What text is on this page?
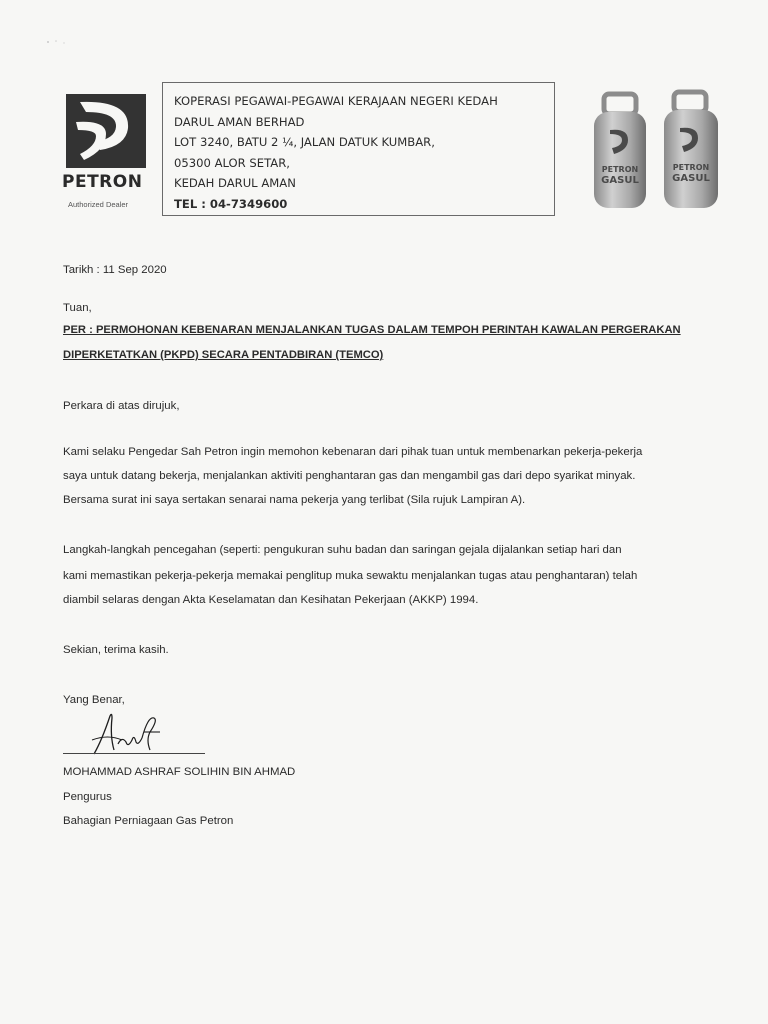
PETRON
Authorized Dealer
KOPERASI PEGAWAI-PEGAWAI KERAJAAN NEGERI KEDAH
DARUL AMAN BERHAD
LOT 3240, BATU 2 ¼, JALAN DATUK KUMBAR,
05300 ALOR SETAR,
KEDAH DARUL AMAN
TEL : 04-7349600
PETRON
GASUL
PETRON
GASUL
Tarikh : 11 Sep 2020
Tuan,
PER : PERMOHONAN KEBENARAN MENJALANKAN TUGAS DALAM TEMPOH PERINTAH KAWALAN PERGERAKAN
DIPERKETATKAN (PKPD) SECARA PENTADBIRAN (TEMCO)
Perkara di atas dirujuk,
Kami selaku Pengedar Sah Petron ingin memohon kebenaran dari pihak tuan untuk membenarkan pekerja-pekerja
saya untuk datang bekerja, menjalankan aktiviti penghantaran gas dan mengambil gas dari depo syarikat minyak.
Bersama surat ini saya sertakan senarai nama pekerja yang terlibat (Sila rujuk Lampiran A).
Langkah-langkah pencegahan (seperti: pengukuran suhu badan dan saringan gejala dijalankan setiap hari dan
kami memastikan pekerja-pekerja memakai penglitup muka sewaktu menjalankan tugas atau penghantaran) telah
diambil selaras dengan Akta Keselamatan dan Kesihatan Pekerjaan (AKKP) 1994.
Sekian, terima kasih.
Yang Benar,
MOHAMMAD ASHRAF SOLIHIN BIN AHMAD
Pengurus
Bahagian Perniagaan Gas Petron
